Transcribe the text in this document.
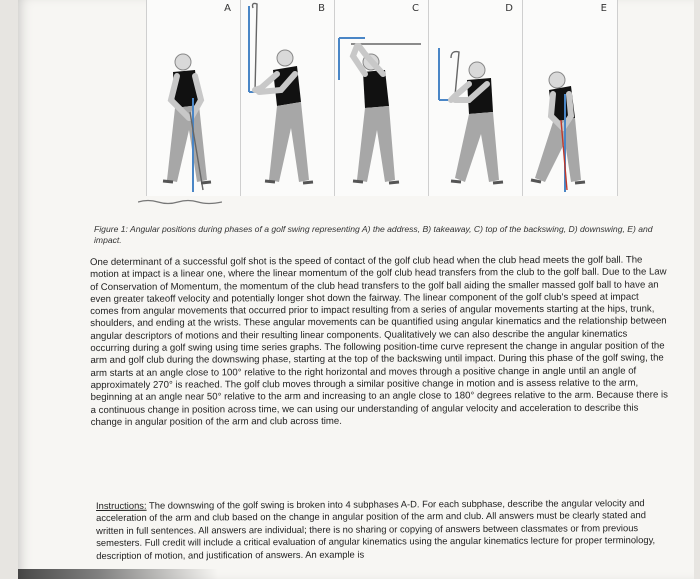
A	B	C	D	E
Figure 1: Angular positions during phases of a golf swing representing A) the address, B) takeaway, C) top of the backswing, D) downswing, E) and impact.
One determinant of a successful golf shot is the speed of contact of the golf club head when the club head meets the golf ball. The motion at impact is a linear one, where the linear momentum of the golf club head transfers from the club to the golf ball. Due to the Law of Conservation of Momentum, the momentum of the club head transfers to the golf ball aiding the smaller massed golf ball to have an even greater takeoff velocity and potentially longer shot down the fairway. The linear component of the golf club's speed at impact comes from angular movements that occurred prior to impact resulting from a series of angular movements starting at the hips, trunk, shoulders, and ending at the wrists. These angular movements can be quantified using angular kinematics and the relationship between angular descriptors of motions and their resulting linear components. Qualitatively we can also describe the angular kinematics occurring during a golf swing using time series graphs. The following position-time curve represent the change in angular position of the arm and golf club during the downswing phase, starting at the top of the backswing until impact. During this phase of the golf swing, the arm starts at an angle close to 100° relative to the right horizontal and moves through a positive change in angle until an angle of approximately 270° is reached. The golf club moves through a similar positive change in motion and is assess relative to the arm, beginning at an angle near 50° relative to the arm and increasing to an angle close to 180° degrees relative to the arm. Because there is a continuous change in position across time, we can using our understanding of angular velocity and acceleration to describe this change in angular position of the arm and club across time.
Instructions: The downswing of the golf swing is broken into 4 subphases A-D. For each subphase, describe the angular velocity and acceleration of the arm and club based on the change in angular position of the arm and club. All answers must be clearly stated and written in full sentences. All answers are individual; there is no sharing or copying of answers between classmates or from previous semesters. Full credit will include a critical evaluation of angular kinematics using the angular kinematics lecture for proper terminology, description of motion, and justification of answers. An example is
